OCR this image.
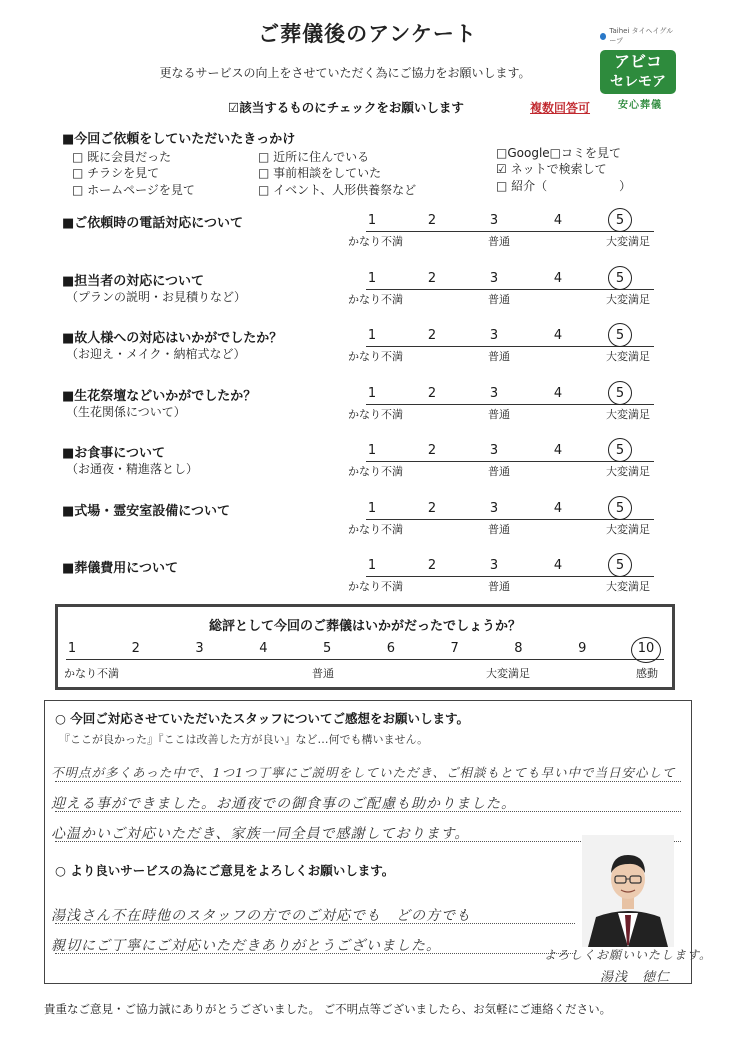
ご葬儀後のアンケート
更なるサービスの向上をさせていただく為にご協力をお願いします。
☑該当するものにチェックをお願いします	複数回答可
Taihei タイヘイグループ
アビコ
セレモア
安心葬儀
■今回ご依頼をしていただいたきっかけ
□ 既に会員だった
□ チラシを見て
□ ホームページを見て
□ 近所に住んでいる
□ 事前相談をしていた
□ イベント、人形供養祭など
□Google□コミを見て
☑ ネットで検索して
□ 紹介（　　　　　　）
■ご依頼時の電話対応について	1	2	3	4	5
かなり不満	普通	大変満足
■担当者の対応について
（プランの説明・お見積りなど）
1	2	3	4	5
かなり不満	普通	大変満足
■故人様への対応はいかがでしたか？
（お迎え・メイク・納棺式など）
1	2	3	4	5
かなり不満	普通	大変満足
■生花祭壇などいかがでしたか？
（生花関係について）
1	2	3	4	5
かなり不満	普通	大変満足
■お食事について
（お通夜・精進落とし）
1	2	3	4	5
かなり不満	普通	大変満足
■式場・霊安室設備について	1	2	3	4	5
かなり不満	普通	大変満足
■葬儀費用について	1	2	3	4	5
かなり不満	普通	大変満足
総評として今回のご葬儀はいかがだったでしょうか？
1	2	3	4	5	6	7	8	9	10
かなり不満	普通	大変満足	感動
○ 今回ご対応させていただいたスタッフについてご感想をお願いします。
『ここが良かった』『ここは改善した方が良い』など…何でも構いません。
不明点が多くあった中で、1つ1つ丁寧にご説明をしていただき、ご相談もとても早い中で当日安心して
迎える事ができました。お通夜での御食事のご配慮も助かりました。
心温かいご対応いただき、家族一同全員で感謝しております。
○ より良いサービスの為にご意見をよろしくお願いします。
湯浅さん不在時他のスタッフの方でのご対応でも　どの方でも
親切にご丁寧にご対応いただきありがとうございました。
よろしくお願いいたします。
湯浅　徳仁
貴重なご意見・ご協力誠にありがとうございました。 ご不明点等ございましたら、お気軽にご連絡ください。
